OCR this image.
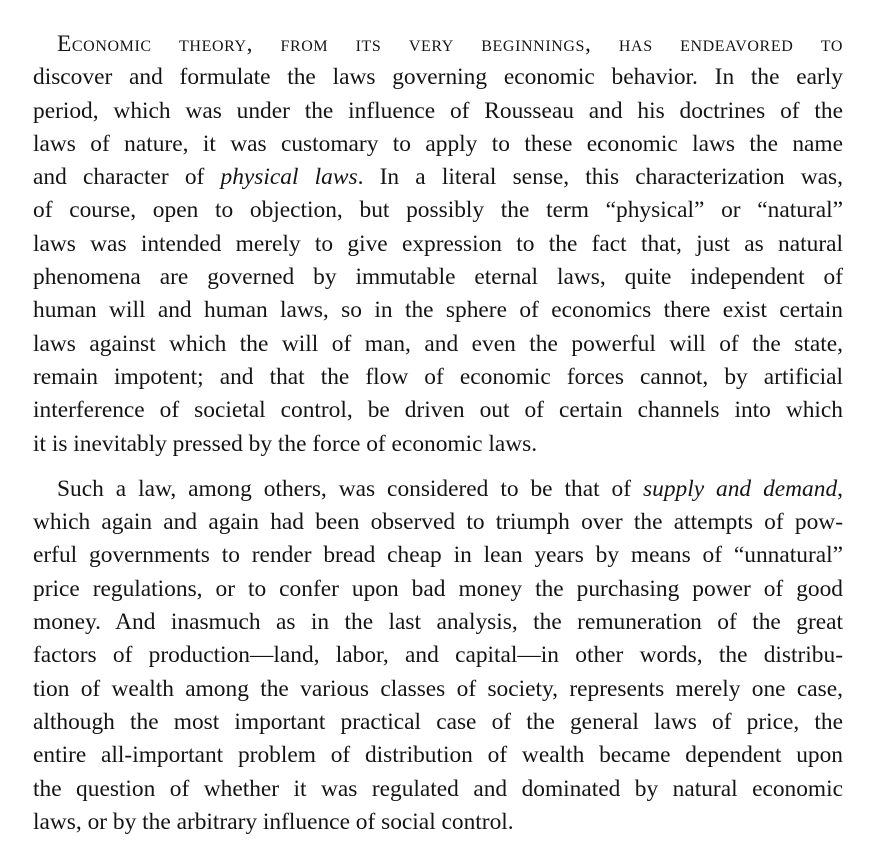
Economic theory, from its very beginnings, has endeavored to
discover and formulate the laws governing economic behavior. In the early
period, which was under the influence of Rousseau and his doctrines of the
laws of nature, it was customary to apply to these economic laws the name
and character of physical laws. In a literal sense, this characterization was,
of course, open to objection, but possibly the term “physical” or “natural”
laws was intended merely to give expression to the fact that, just as natural
phenomena are governed by immutable eternal laws, quite independent of
human will and human laws, so in the sphere of economics there exist certain
laws against which the will of man, and even the powerful will of the state,
remain impotent; and that the flow of economic forces cannot, by artificial
interference of societal control, be driven out of certain channels into which
it is inevitably pressed by the force of economic laws.

Such a law, among others, was considered to be that of supply and demand,
which again and again had been observed to triumph over the attempts of pow-
erful governments to render bread cheap in lean years by means of “unnatural”
price regulations, or to confer upon bad money the purchasing power of good
money. And inasmuch as in the last analysis, the remuneration of the great
factors of production—land, labor, and capital—in other words, the distribu-
tion of wealth among the various classes of society, represents merely one case,
although the most important practical case of the general laws of price, the
entire all-important problem of distribution of wealth became dependent upon
the question of whether it was regulated and dominated by natural economic
laws, or by the arbitrary influence of social control.
